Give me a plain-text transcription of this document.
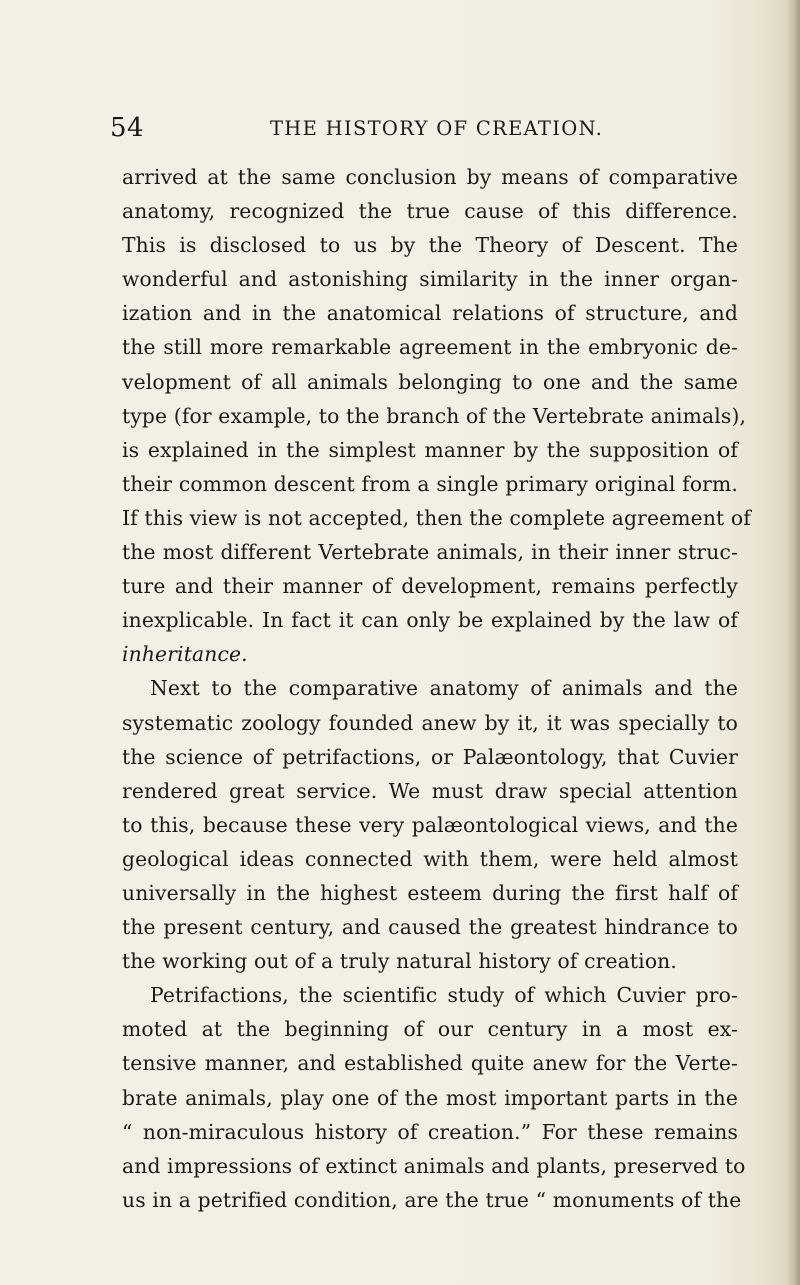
54	THE HISTORY OF CREATION.
arrived at the same conclusion by means of comparative
anatomy, recognized the true cause of this difference.
This is disclosed to us by the Theory of Descent. The
wonderful and astonishing similarity in the inner organ-
ization and in the anatomical relations of structure, and
the still more remarkable agreement in the embryonic de-
velopment of all animals belonging to one and the same
type (for example, to the branch of the Vertebrate animals),
is explained in the simplest manner by the supposition of
their common descent from a single primary original form.
If this view is not accepted, then the complete agreement of
the most different Vertebrate animals, in their inner struc-
ture and their manner of development, remains perfectly
inexplicable. In fact it can only be explained by the law of
inheritance.
Next to the comparative anatomy of animals and the
systematic zoology founded anew by it, it was specially to
the science of petrifactions, or Palæontology, that Cuvier
rendered great service. We must draw special attention
to this, because these very palæontological views, and the
geological ideas connected with them, were held almost
universally in the highest esteem during the first half of
the present century, and caused the greatest hindrance to
the working out of a truly natural history of creation.
Petrifactions, the scientific study of which Cuvier pro-
moted at the beginning of our century in a most ex-
tensive manner, and established quite anew for the Verte-
brate animals, play one of the most important parts in the
“ non-miraculous history of creation.” For these remains
and impressions of extinct animals and plants, preserved to
us in a petrified condition, are the true “ monuments of the
